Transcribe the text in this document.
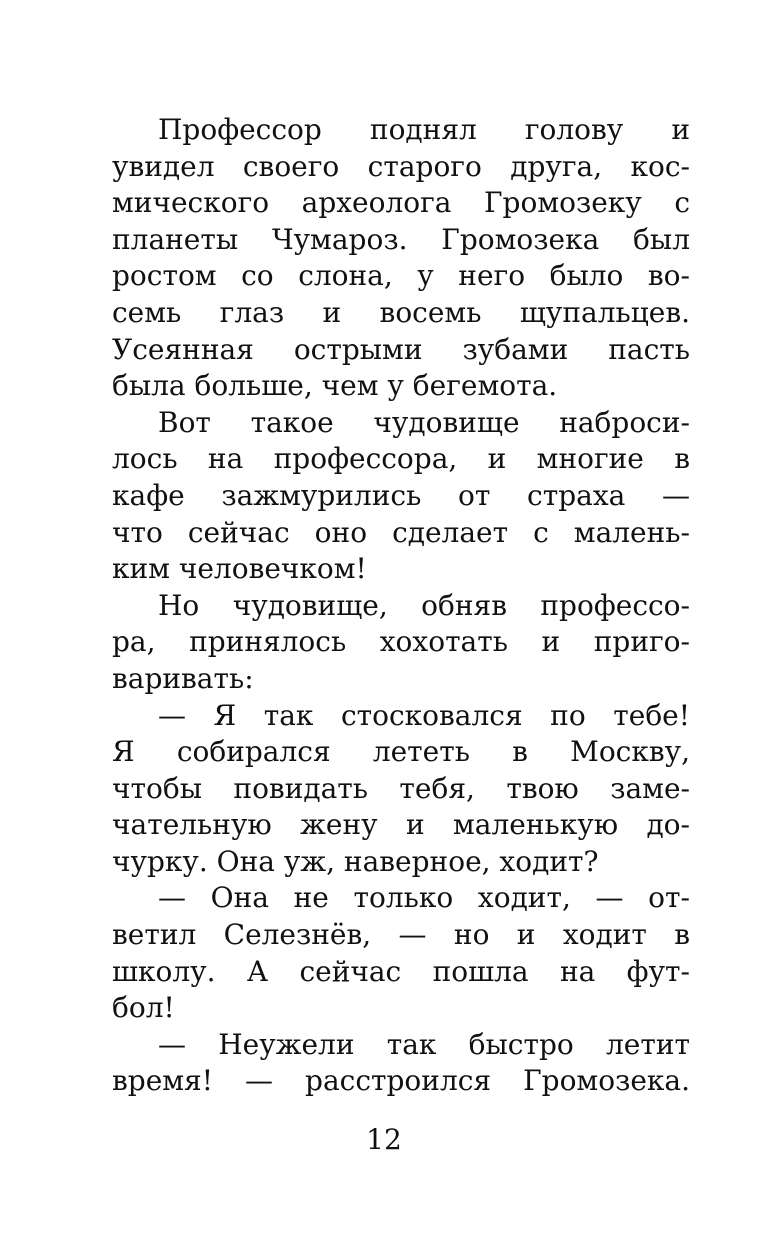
Профессор поднял голову и
увидел своего старого друга, кос-
мического археолога Громозеку с
планеты Чумароз. Громозека был
ростом со слона, у него было во-
семь глаз и восемь щупальцев.
Усеянная острыми зубами пасть
была больше, чем у бегемота.
Вот такое чудовище наброси-
лось на профессора, и многие в
кафе зажмурились от страха —
что сейчас оно сделает с малень-
ким человечком!
Но чудовище, обняв профессо-
ра, принялось хохотать и приго-
варивать:
— Я так стосковался по тебе!
Я собирался лететь в Москву,
чтобы повидать тебя, твою заме-
чательную жену и маленькую до-
чурку. Она уж, наверное, ходит?
— Она не только ходит, — от-
ветил Селезнёв, — но и ходит в
школу. А сейчас пошла на фут-
бол!
— Неужели так быстро летит
время! — расстроился Громозека.
12
